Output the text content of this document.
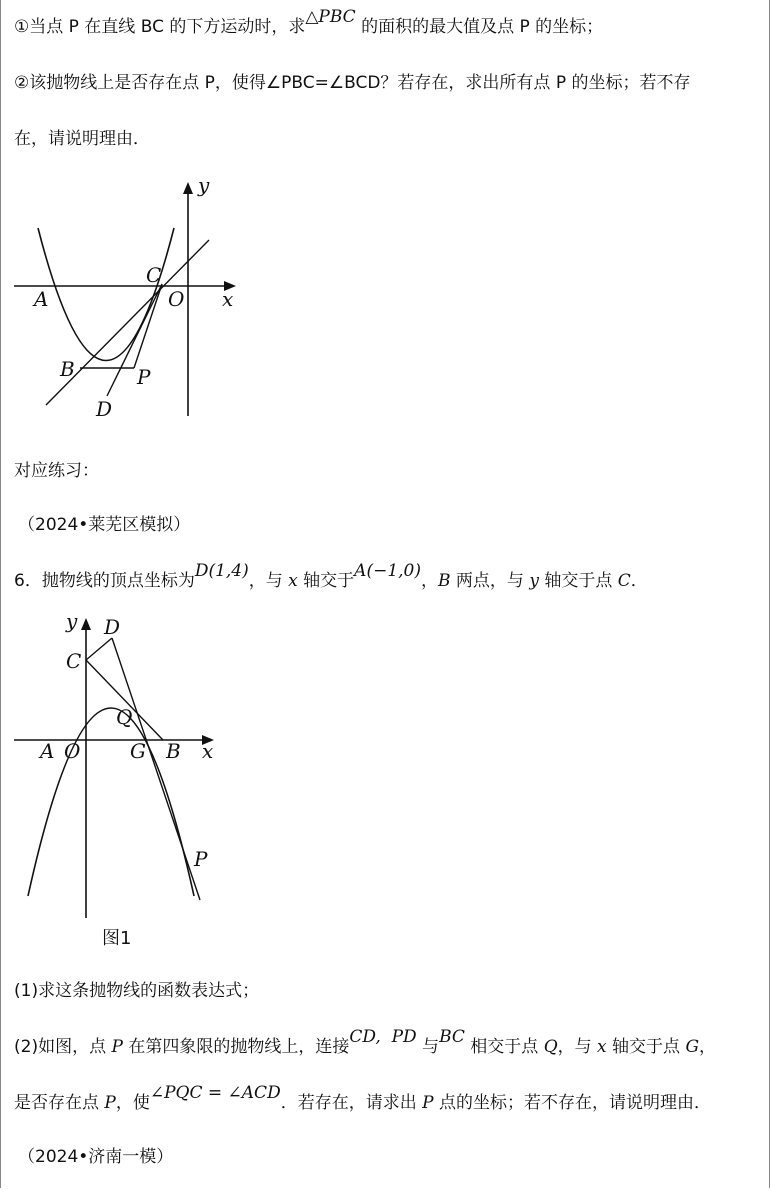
①当点 P 在直线 BC 的下方运动时，求△PBC 的面积的最大值及点 P 的坐标；
②该抛物线上是否存在点 P，使得∠PBC=∠BCD？若存在，求出所有点 P 的坐标；若不存
在，请说明理由．
y
x
A
C
O
B	P
D
对应练习：
（2024•莱芜区模拟）
6．抛物线的顶点坐标为D(1,4)，与 x 轴交于A(−1,0)，B 两点，与 y 轴交于点 C．
y D
C
Q
A O G B x
P
图1
(1)求这条抛物线的函数表达式；
(2)如图，点 P 在第四象限的抛物线上，连接CD,  PD 与BC 相交于点 Q，与 x 轴交于点 G，
是否存在点 P，使∠PQC = ∠ACD．若存在，请求出 P 点的坐标；若不存在，请说明理由．
（2024•济南一模）
